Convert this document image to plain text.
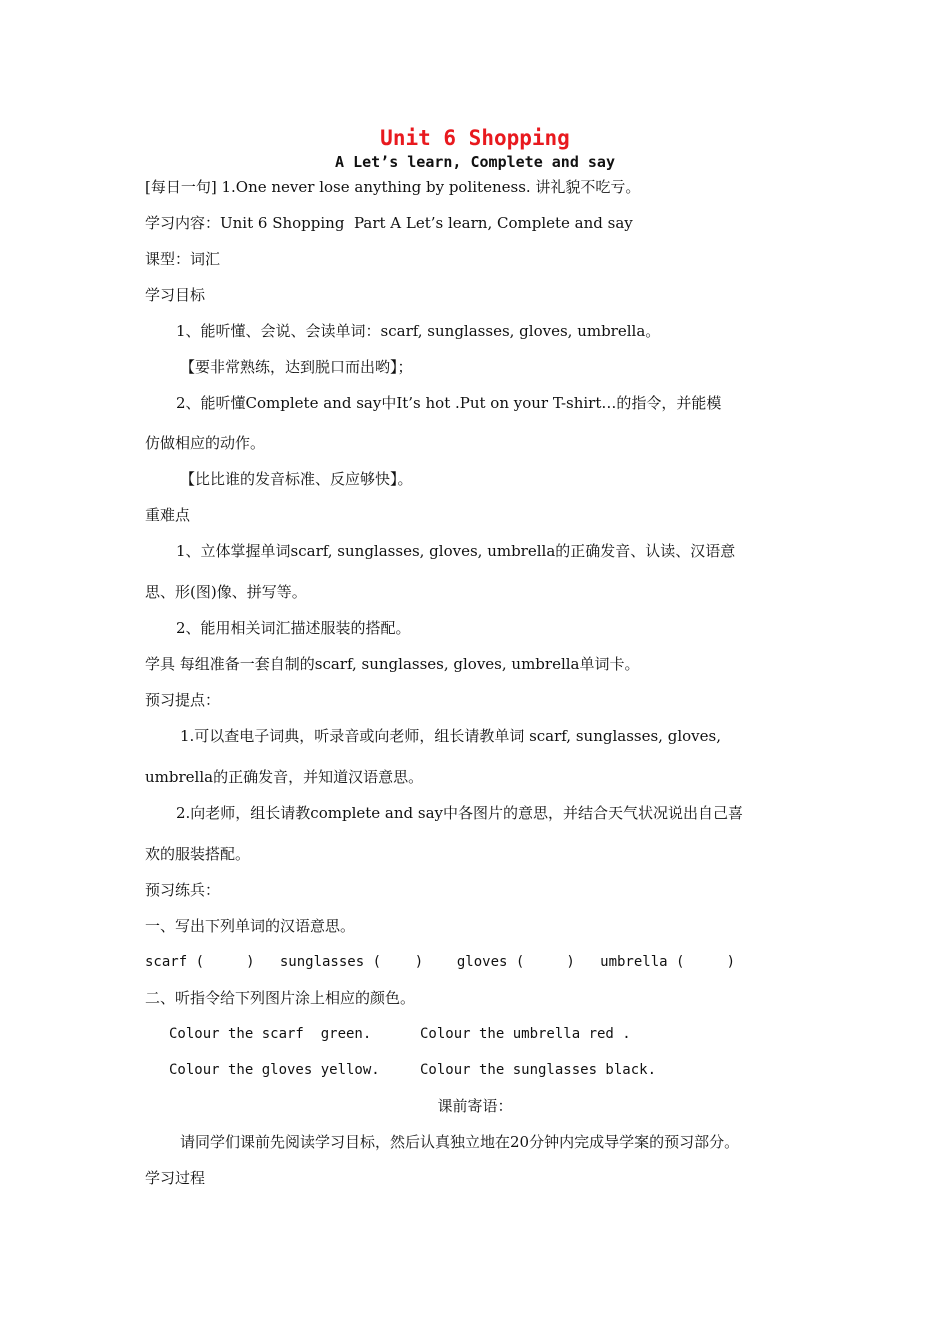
Unit 6 Shopping
A Let’s learn, Complete and say
[每日一句] 1.One never lose anything by politeness. 讲礼貌不吃亏。
学习内容：Unit 6 Shopping  Part A Let’s learn, Complete and say
课型：词汇
学习目标
1、能听懂、会说、会读单词：scarf, sunglasses, gloves, umbrella。
【要非常熟练，达到脱口而出哟】；
2、能听懂Complete and say中It’s hot .Put on your T-shirt…的指令，并能模
仿做相应的动作。
【比比谁的发音标准、反应够快】。
重难点
1、立体掌握单词scarf, sunglasses, gloves, umbrella的正确发音、认读、汉语意
思、形(图)像、拼写等。
2、能用相关词汇描述服装的搭配。
学具 每组准备一套自制的scarf, sunglasses, gloves, umbrella单词卡。
预习提点：
1.可以查电子词典，听录音或向老师，组长请教单词 scarf, sunglasses, gloves,
umbrella的正确发音，并知道汉语意思。
2.向老师，组长请教complete and say中各图片的意思，并结合天气状况说出自己喜
欢的服装搭配。
预习练兵：
一、写出下列单词的汉语意思。
scarf (     )   sunglasses (    )    gloves (     )   umbrella (     )
二、听指令给下列图片涂上相应的颜色。
Colour the scarf  green.	Colour the umbrella red .
Colour the gloves yellow.	Colour the sunglasses black.
课前寄语：
请同学们课前先阅读学习目标，然后认真独立地在20分钟内完成导学案的预习部分。
学习过程
